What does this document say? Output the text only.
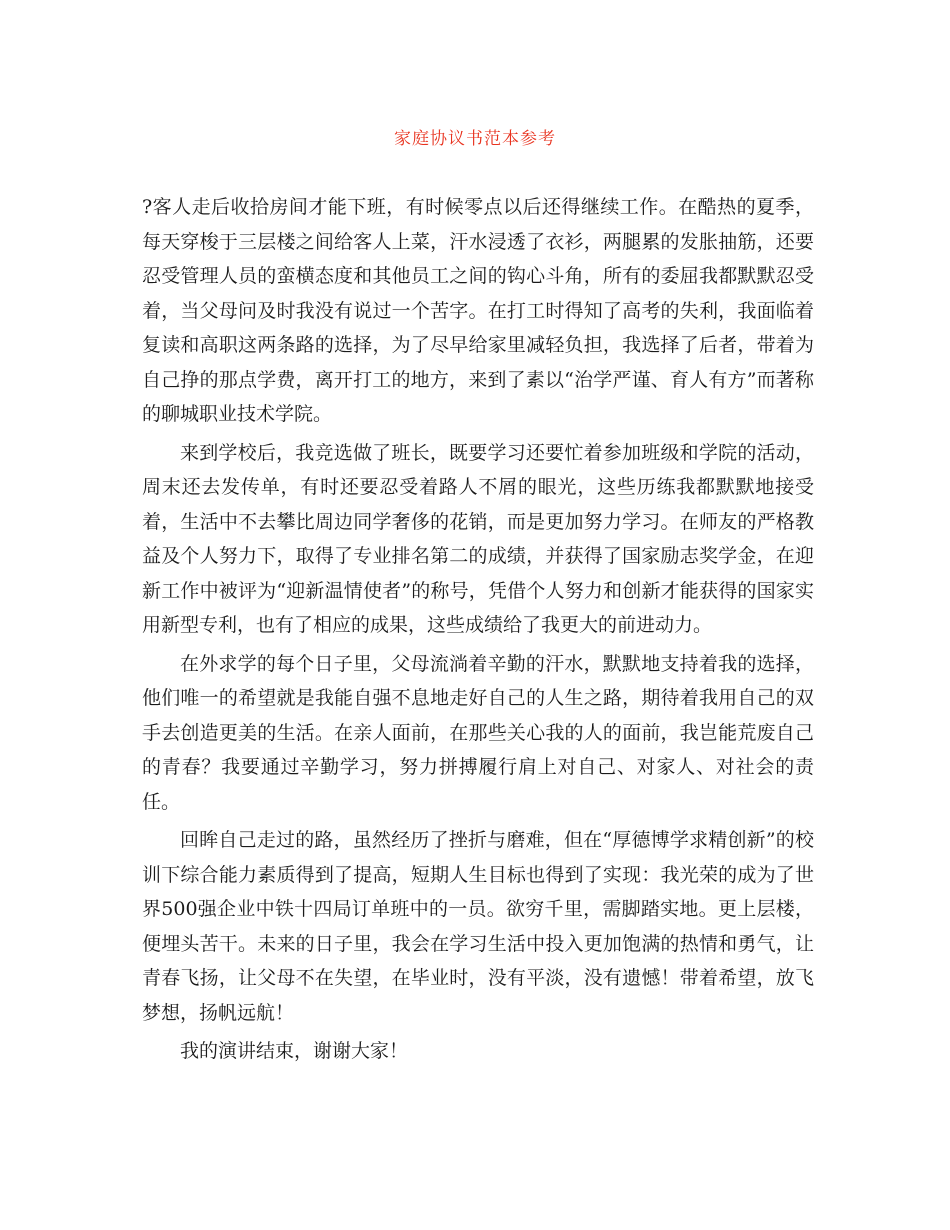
家庭协议书范本参考

?客人走后收拾房间才能下班，有时候零点以后还得继续工作。在酷热的夏季，每天穿梭于三层楼之间给客人上菜，汗水浸透了衣衫，两腿累的发胀抽筋，还要忍受管理人员的蛮横态度和其他员工之间的钩心斗角，所有的委屈我都默默忍受着，当父母问及时我没有说过一个苦字。在打工时得知了高考的失利，我面临着复读和高职这两条路的选择，为了尽早给家里减轻负担，我选择了后者，带着为自己挣的那点学费，离开打工的地方，来到了素以“治学严谨、育人有方”而著称的聊城职业技术学院。

来到学校后，我竞选做了班长，既要学习还要忙着参加班级和学院的活动，周末还去发传单，有时还要忍受着路人不屑的眼光，这些历练我都默默地接受着，生活中不去攀比周边同学奢侈的花销，而是更加努力学习。在师友的严格教益及个人努力下，取得了专业排名第二的成绩，并获得了国家励志奖学金，在迎新工作中被评为“迎新温情使者”的称号，凭借个人努力和创新才能获得的国家实用新型专利，也有了相应的成果，这些成绩给了我更大的前进动力。

在外求学的每个日子里，父母流淌着辛勤的汗水，默默地支持着我的选择，他们唯一的希望就是我能自强不息地走好自己的人生之路，期待着我用自己的双手去创造更美的生活。在亲人面前，在那些关心我的人的面前，我岂能荒废自己的青春？我要通过辛勤学习，努力拼搏履行肩上对自己、对家人、对社会的责任。

回眸自己走过的路，虽然经历了挫折与磨难，但在“厚德博学求精创新”的校训下综合能力素质得到了提高，短期人生目标也得到了实现：我光荣的成为了世界500强企业中铁十四局订单班中的一员。欲穷千里，需脚踏实地。更上层楼，便埋头苦干。未来的日子里，我会在学习生活中投入更加饱满的热情和勇气，让青春飞扬，让父母不在失望，在毕业时，没有平淡，没有遗憾！带着希望，放飞梦想，扬帆远航！

我的演讲结束，谢谢大家！
